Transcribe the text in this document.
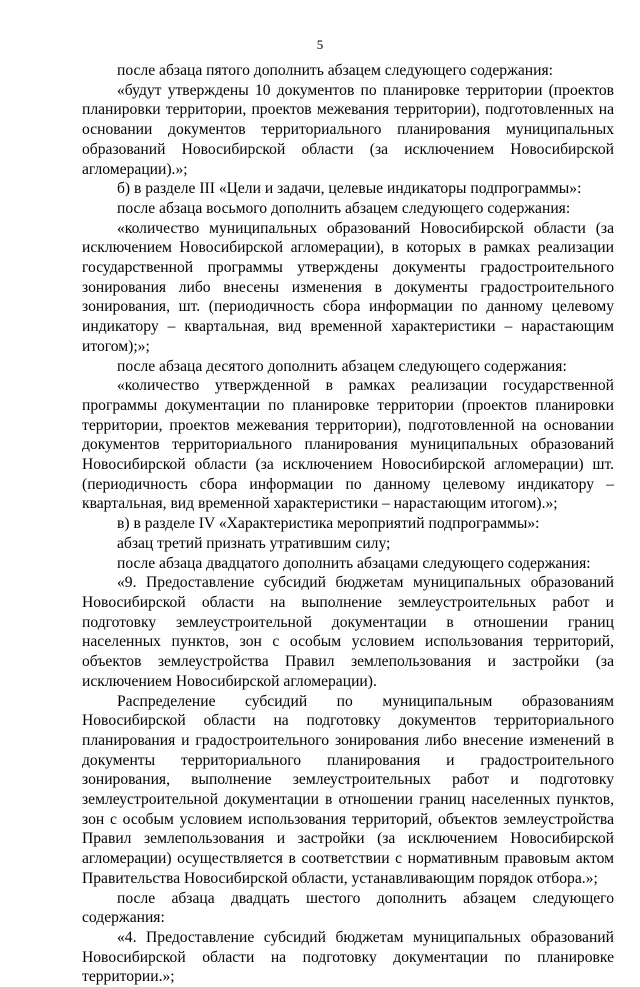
5

после абзаца пятого дополнить абзацем следующего содержания:

«будут утверждены 10 документов по планировке территории (проектов планировки территории, проектов межевания территории), подготовленных на основании документов территориального планирования муниципальных образований Новосибирской области (за исключением Новосибирской агломерации).»;

б) в разделе III «Цели и задачи, целевые индикаторы подпрограммы»:

после абзаца восьмого дополнить абзацем следующего содержания:

«количество муниципальных образований Новосибирской области (за исключением Новосибирской агломерации), в которых в рамках реализации государственной программы утверждены документы градостроительного зонирования либо внесены изменения в документы градостроительного зонирования, шт. (периодичность сбора информации по данному целевому индикатору – квартальная, вид временной характеристики – нарастающим итогом);»;

после абзаца десятого дополнить абзацем следующего содержания:

«количество утвержденной в рамках реализации государственной программы документации по планировке территории (проектов планировки территории, проектов межевания территории), подготовленной на основании документов территориального планирования муниципальных образований Новосибирской области (за исключением Новосибирской агломерации) шт. (периодичность сбора информации по данному целевому индикатору – квартальная, вид временной характеристики – нарастающим итогом).»;

в) в разделе IV «Характеристика мероприятий подпрограммы»:

абзац третий признать утратившим силу;

после абзаца двадцатого дополнить абзацами следующего содержания:

«9. Предоставление субсидий бюджетам муниципальных образований Новосибирской области на выполнение землеустроительных работ и подготовку землеустроительной документации в отношении границ населенных пунктов, зон с особым условием использования территорий, объектов землеустройства Правил землепользования и застройки (за исключением Новосибирской агломерации).

Распределение субсидий по муниципальным образованиям Новосибирской области на подготовку документов территориального планирования и градостроительного зонирования либо внесение изменений в документы территориального планирования и градостроительного зонирования, выполнение землеустроительных работ и подготовку землеустроительной документации в отношении границ населенных пунктов, зон с особым условием использования территорий, объектов землеустройства Правил землепользования и застройки (за исключением Новосибирской агломерации) осуществляется в соответствии с нормативным правовым актом Правительства Новосибирской области, устанавливающим порядок отбора.»;

после абзаца двадцать шестого дополнить абзацем следующего содержания:

«4. Предоставление субсидий бюджетам муниципальных образований Новосибирской области на подготовку документации по планировке территории.»;
